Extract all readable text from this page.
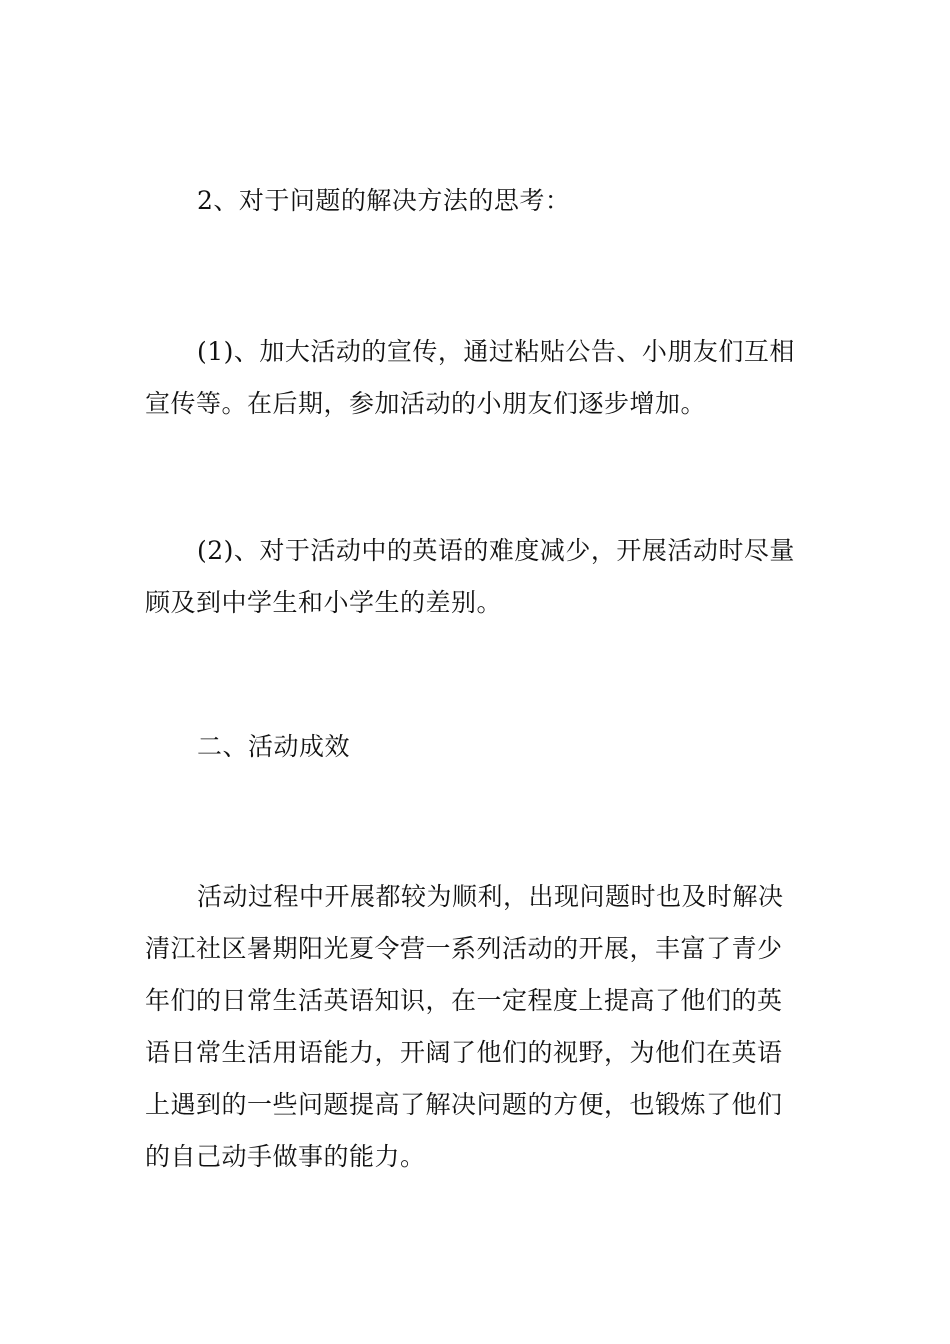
2、对于问题的解决方法的思考：

(1)、加大活动的宣传，通过粘贴公告、小朋友们互相
宣传等。在后期，参加活动的小朋友们逐步增加。

(2)、对于活动中的英语的难度减少，开展活动时尽量
顾及到中学生和小学生的差别。

二、活动成效

活动过程中开展都较为顺利，出现问题时也及时解决
清江社区暑期阳光夏令营一系列活动的开展，丰富了青少
年们的日常生活英语知识，在一定程度上提高了他们的英
语日常生活用语能力，开阔了他们的视野，为他们在英语
上遇到的一些问题提高了解决问题的方便，也锻炼了他们
的自己动手做事的能力。
